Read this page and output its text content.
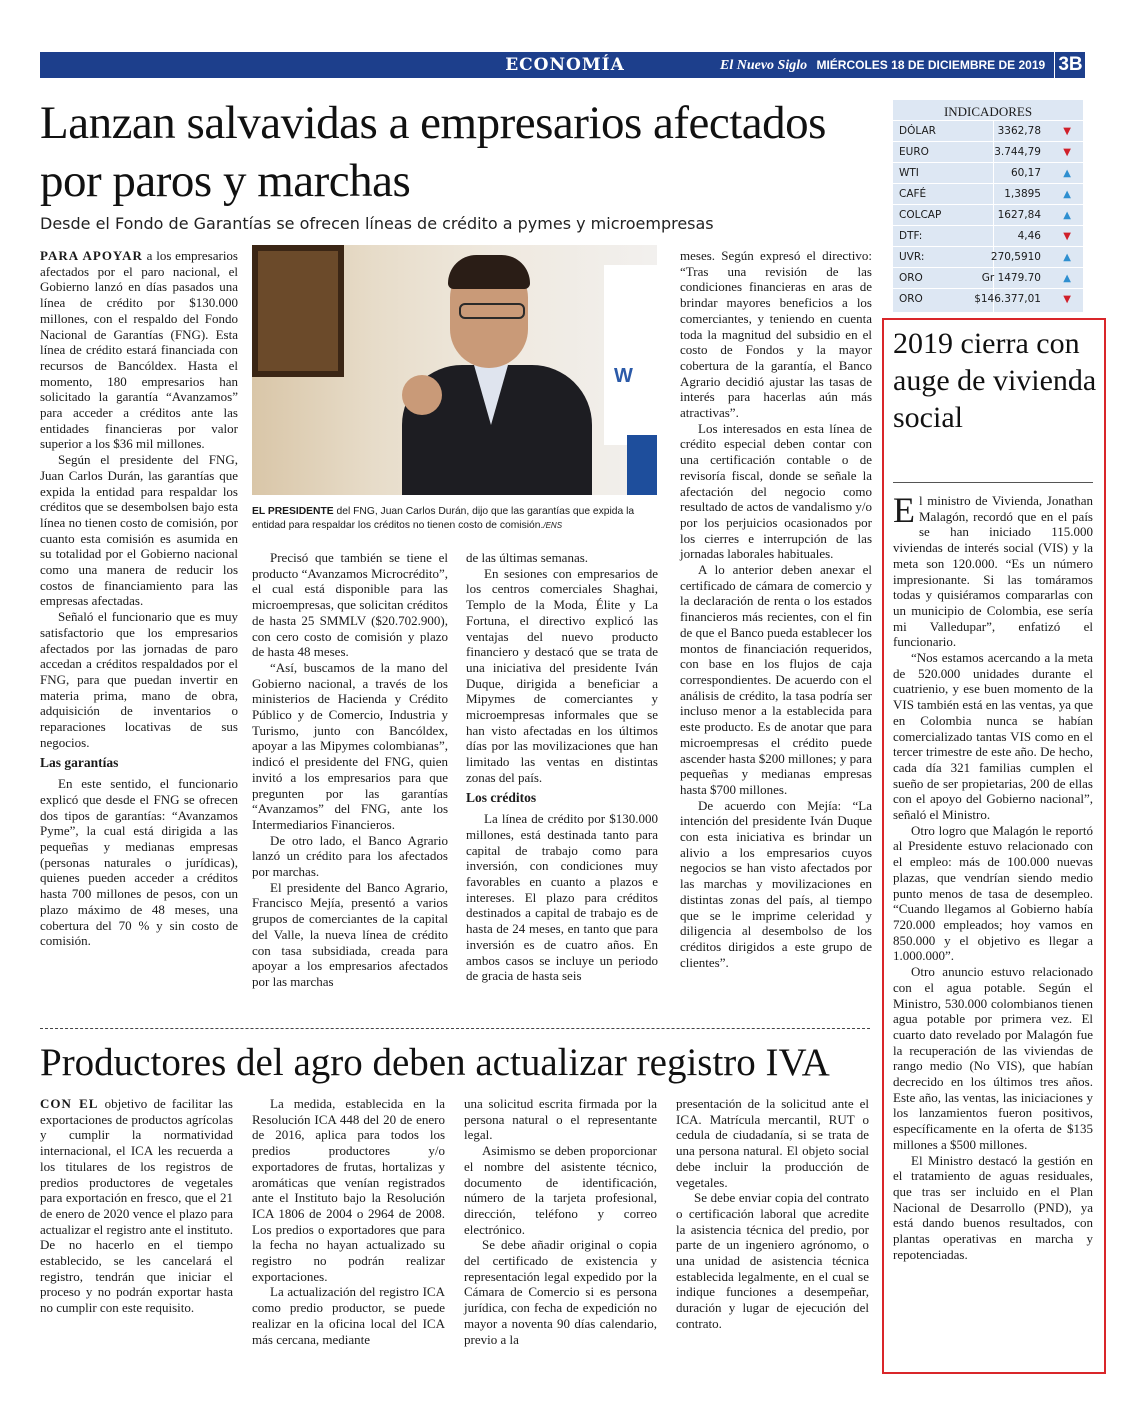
ECONOMÍA	El Nuevo Siglo MIÉRCOLES 18 DE DICIEMBRE DE 2019 3B
Lanzan salvavidas a empresarios afectados por paros y marchas
Desde el Fondo de Garantías se ofrecen líneas de crédito a pymes y microempresas

PARA APOYAR a los empresarios afectados por el paro nacional, el Gobierno lanzó en días pasados una línea de crédito por $130.000 millones, con el respaldo del Fondo Nacional de Garantías (FNG). Esta línea de crédito estará financiada con recursos de Bancóldex. Hasta el momento, 180 empresarios han solicitado la garantía “Avanzamos” para acceder a créditos ante las entidades financieras por valor superior a los $36 mil millones.

Según el presidente del FNG, Juan Carlos Durán, las garantías que expida la entidad para respaldar los créditos que se desembolsen bajo esta línea no tienen costo de comisión, por cuanto esta comisión es asumida en su totalidad por el Gobierno nacional como una manera de reducir los costos de financiamiento para las empresas afectadas.

Señaló el funcionario que es muy satisfactorio que los empresarios afectados por las jornadas de paro accedan a créditos respaldados por el FNG, para que puedan invertir en materia prima, mano de obra, adquisición de inventarios o reparaciones locativas de sus negocios.

Las garantías

En este sentido, el funcionario explicó que desde el FNG se ofrecen dos tipos de garantías: “Avanzamos Pyme”, la cual está dirigida a las pequeñas y medianas empresas (personas naturales o jurídicas), quienes pueden acceder a créditos hasta 700 millones de pesos, con un plazo máximo de 48 meses, una cobertura del 70 % y sin costo de comisión.

W
EL PRESIDENTE del FNG, Juan Carlos Durán, dijo que las garantías que expida la entidad para respaldar los créditos no tienen costo de comisión./ENS

Precisó que también se tiene el producto “Avanzamos Microcrédito”, el cual está disponible para las microempresas, que solicitan créditos de hasta 25 SMMLV ($20.702.900), con cero costo de comisión y plazo de hasta 48 meses.

“Así, buscamos de la mano del Gobierno nacional, a través de los ministerios de Hacienda y Crédito Público y de Comercio, Industria y Turismo, junto con Bancóldex, apoyar a las Mipymes colombianas”, indicó el presidente del FNG, quien invitó a los empresarios para que pregunten por las garantías “Avanzamos” del FNG, ante los Intermediarios Financieros.

De otro lado, el Banco Agrario lanzó un crédito para los afectados por marchas.

El presidente del Banco Agrario, Francisco Mejía, presentó a varios grupos de comerciantes de la capital del Valle, la nueva línea de crédito con tasa subsidiada, creada para apoyar a los empresarios afectados por las marchas

de las últimas semanas.

En sesiones con empresarios de los centros comerciales Shaghai, Templo de la Moda, Élite y La Fortuna, el directivo explicó las ventajas del nuevo producto financiero y destacó que se trata de una iniciativa del presidente Iván Duque, dirigida a beneficiar a Mipymes de comerciantes y microempresas informales que se han visto afectadas en los últimos días por las movilizaciones que han limitado las ventas en distintas zonas del país.

Los créditos

La línea de crédito por $130.000 millones, está destinada tanto para capital de trabajo como para inversión, con condiciones muy favorables en cuanto a plazos e intereses. El plazo para créditos destinados a capital de trabajo es de hasta de 24 meses, en tanto que para inversión es de cuatro años. En ambos casos se incluye un periodo de gracia de hasta seis

meses. Según expresó el directivo: “Tras una revisión de las condiciones financieras en aras de brindar mayores beneficios a los comerciantes, y teniendo en cuenta toda la magnitud del subsidio en el costo de Fondos y la mayor cobertura de la garantía, el Banco Agrario decidió ajustar las tasas de interés para hacerlas aún más atractivas”.

Los interesados en esta línea de crédito especial deben contar con una certificación contable o de revisoría fiscal, donde se señale la afectación del negocio como resultado de actos de vandalismo y/o por los perjuicios ocasionados por los cierres e interrupción de las jornadas laborales habituales.

A lo anterior deben anexar el certificado de cámara de comercio y la declaración de renta o los estados financieros más recientes, con el fin de que el Banco pueda establecer los montos de financiación requeridos, con base en los flujos de caja correspondientes. De acuerdo con el análisis de crédito, la tasa podría ser incluso menor a la establecida para este producto. Es de anotar que para microempresas el crédito puede ascender hasta $200 millones; y para pequeñas y medianas empresas hasta $700 millones.

De acuerdo con Mejía: “La intención del presidente Iván Duque con esta iniciativa es brindar un alivio a los empresarios cuyos negocios se han visto afectados por las marchas y movilizaciones en distintas zonas del país, al tiempo que se le imprime celeridad y diligencia al desembolso de los créditos dirigidos a este grupo de clientes”.

Productores del agro deben actualizar registro IVA

CON EL objetivo de facilitar las exportaciones de productos agrícolas y cumplir la normatividad internacional, el ICA les recuerda a los titulares de los registros de predios productores de vegetales para exportación en fresco, que el 21 de enero de 2020 vence el plazo para actualizar el registro ante el instituto. De no hacerlo en el tiempo establecido, se les cancelará el registro, tendrán que iniciar el proceso y no podrán exportar hasta no cumplir con este requisito.

La medida, establecida en la Resolución ICA 448 del 20 de enero de 2016, aplica para todos los predios productores y/o exportadores de frutas, hortalizas y aromáticas que venían registrados ante el Instituto bajo la Resolución ICA 1806 de 2004 o 2964 de 2008. Los predios o exportadores que para la fecha no hayan actualizado su registro no podrán realizar exportaciones.

La actualización del registro ICA como predio productor, se puede realizar en la oficina local del ICA más cercana, mediante

una solicitud escrita firmada por la persona natural o el representante legal.

Asimismo se deben proporcionar el nombre del asistente técnico, documento de identificación, número de la tarjeta profesional, dirección, teléfono y correo electrónico.

Se debe añadir original o copia del certificado de existencia y representación legal expedido por la Cámara de Comercio si es persona jurídica, con fecha de expedición no mayor a noventa 90 días calendario, previo a la

presentación de la solicitud ante el ICA. Matrícula mercantil, RUT o cedula de ciudadanía, si se trata de una persona natural. El objeto social debe incluir la producción de vegetales.

Se debe enviar copia del contrato o certificación laboral que acredite la asistencia técnica del predio, por parte de un ingeniero agrónomo, o una unidad de asistencia técnica establecida legalmente, en el cual se indique funciones a desempeñar, duración y lugar de ejecución del contrato.

INDICADORES
DÓLAR	3362,78 ▼
EURO	3.744,79 ▼
WTI	60,17 ▲
CAFÉ	1,3895 ▲
COLCAP	1627,84 ▲
DTF:	4,46 ▼
UVR:	270,5910 ▲
ORO	Gr 1479.70 ▲
ORO	$146.377,01 ▼
2019 cierra con auge de vivienda social

El ministro de Vivienda, Jonathan Malagón, recordó que en el país se han iniciado 115.000 viviendas de interés social (VIS) y la meta son 120.000. “Es un número impresionante. Si las tomáramos todas y quisiéramos compararlas con un municipio de Colombia, ese sería mi Valledupar”, enfatizó el funcionario.

“Nos estamos acercando a la meta de 520.000 unidades durante el cuatrienio, y ese buen momento de la VIS también está en las ventas, ya que en Colombia nunca se habían comercializado tantas VIS como en el tercer trimestre de este año. De hecho, cada día 321 familias cumplen el sueño de ser propietarias, 200 de ellas con el apoyo del Gobierno nacional”, señaló el Ministro.

Otro logro que Malagón le reportó al Presidente estuvo relacionado con el empleo: más de 100.000 nuevas plazas, que vendrían siendo medio punto menos de tasa de desempleo. “Cuando llegamos al Gobierno había 720.000 empleados; hoy vamos en 850.000 y el objetivo es llegar a 1.000.000”.

Otro anuncio estuvo relacionado con el agua potable. Según el Ministro, 530.000 colombianos tienen agua potable por primera vez. El cuarto dato revelado por Malagón fue la recuperación de las viviendas de rango medio (No VIS), que habían decrecido en los últimos tres años. Este año, las ventas, las iniciaciones y los lanzamientos fueron positivos, específicamente en la oferta de $135 millones a $500 millones.

El Ministro destacó la gestión en el tratamiento de aguas residuales, que tras ser incluido en el Plan Nacional de Desarrollo (PND), ya está dando buenos resultados, con plantas operativas en marcha y repotenciadas.
